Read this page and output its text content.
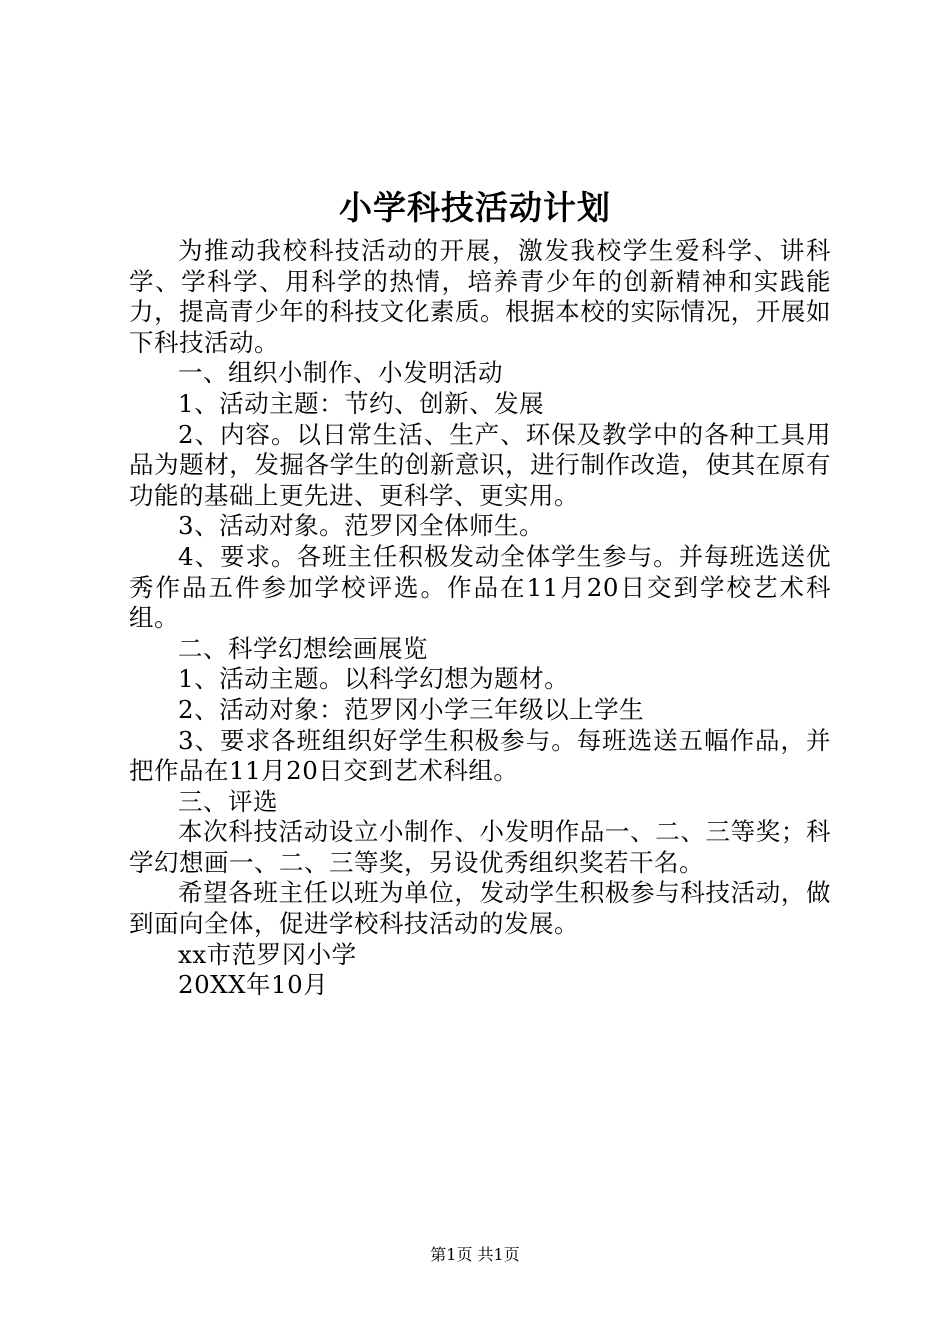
小学科技活动计划

为推动我校科技活动的开展，激发我校学生爱科学、讲科学、学科学、用科学的热情，培养青少年的创新精神和实践能力，提高青少年的科技文化素质。根据本校的实际情况，开展如下科技活动。

一、组织小制作、小发明活动

1、活动主题：节约、创新、发展

2、内容。以日常生活、生产、环保及教学中的各种工具用品为题材，发掘各学生的创新意识，进行制作改造，使其在原有功能的基础上更先进、更科学、更实用。

3、活动对象。范罗冈全体师生。

4、要求。各班主任积极发动全体学生参与。并每班选送优秀作品五件参加学校评选。作品在11月20日交到学校艺术科组。

二、科学幻想绘画展览

1、活动主题。以科学幻想为题材。

2、活动对象：范罗冈小学三年级以上学生

3、要求各班组织好学生积极参与。每班选送五幅作品，并把作品在11月20日交到艺术科组。

三、评选

本次科技活动设立小制作、小发明作品一、二、三等奖；科学幻想画一、二、三等奖，另设优秀组织奖若干名。

希望各班主任以班为单位，发动学生积极参与科技活动，做到面向全体，促进学校科技活动的发展。

xx市范罗冈小学

20XX年10月

第1页 共1页
